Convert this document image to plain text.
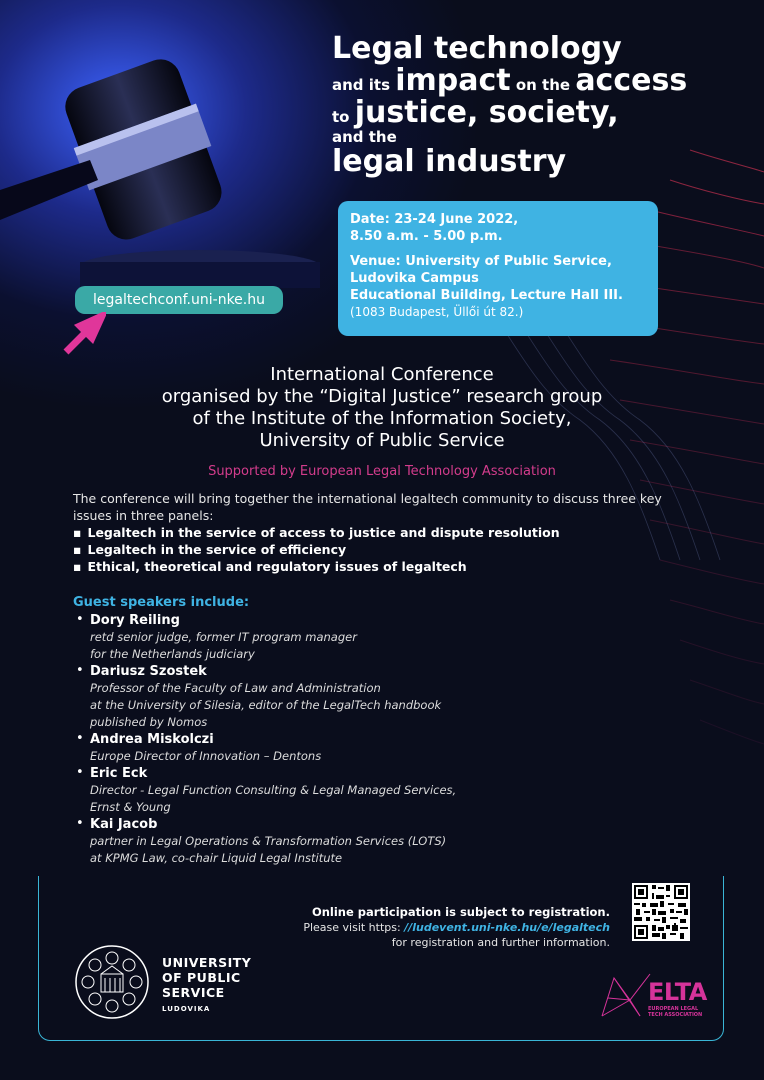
Legal technology
and its impact on the access
to justice, society,
and the
legal industry
Date: 23-24 June 2022,
8.50 a.m. - 5.00 p.m.
Venue: University of Public Service,
Ludovika Campus
Educational Building, Lecture Hall III.
(1083 Budapest, Üllői út 82.)
legaltechconf.uni-nke.hu
International Conference
organised by the “Digital Justice” research group
of the Institute of the Information Society,
University of Public Service
Supported by European Legal Technology Association
The conference will bring together the international legaltech community to discuss three key issues in three panels:
▪ Legaltech in the service of access to justice and dispute resolution
▪ Legaltech in the service of efficiency
▪ Ethical, theoretical and regulatory issues of legaltech
Guest speakers include:
• Dory Reiling
retd senior judge, former IT program manager
for the Netherlands judiciary
• Dariusz Szostek
Professor of the Faculty of Law and Administration
at the University of Silesia, editor of the LegalTech handbook
published by Nomos
• Andrea Miskolczi
Europe Director of Innovation – Dentons
• Eric Eck
Director - Legal Function Consulting & Legal Managed Services,
Ernst & Young
• Kai Jacob
partner in Legal Operations & Transformation Services (LOTS)
at KPMG Law, co-chair Liquid Legal Institute
Online participation is subject to registration.
Please visit https: //ludevent.uni-nke.hu/e/legaltech
for registration and further information.
UNIVERSITY
OF PUBLIC
SERVICE
LUDOVIKA
ELTA
EUROPEAN LEGAL TECH ASSOCIATION
